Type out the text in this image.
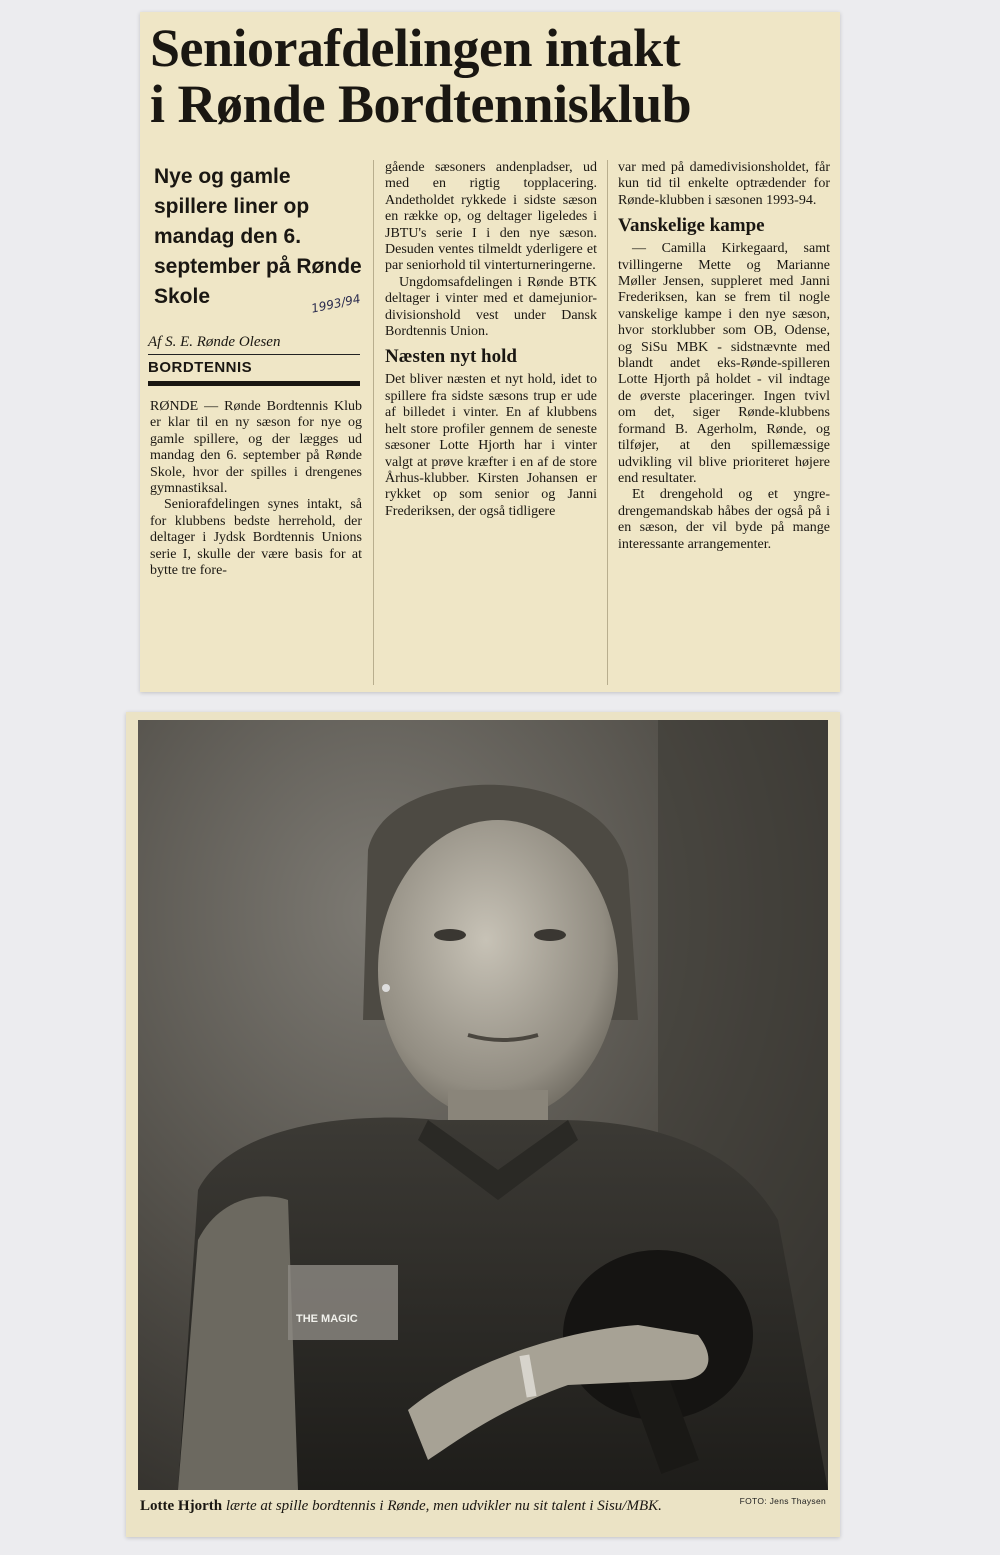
Seniorafdelingen intakt
i Rønde Bordtennisklub

Nye og gamle spillere liner op mandag den 6. september på Rønde Skole	1993/94

Af S. E. Rønde Olesen

BORDTENNIS

RØNDE — Rønde Bordtennis Klub er klar til en ny sæson for nye og gamle spillere, og der lægges ud mandag den 6. september på Rønde Skole, hvor der spilles i drengenes gymnastiksal.

Seniorafdelingen synes intakt, så for klubbens bedste herrehold, der deltager i Jydsk Bordtennis Unions serie I, skulle der være basis for at bytte tre fore-

gående sæsoners andenpladser, ud med en rigtig topplacering. Andetholdet rykkede i sidste sæson en række op, og deltager ligeledes i JBTU's serie I i den nye sæson. Desuden ventes tilmeldt yderligere et par seniorhold til vinterturneringerne.

Ungdomsafdelingen i Rønde BTK deltager i vinter med et damejunior-divisionshold vest under Dansk Bordtennis Union.

Næsten nyt hold

Det bliver næsten et nyt hold, idet to spillere fra sidste sæsons trup er ude af billedet i vinter. En af klubbens helt store profiler gennem de seneste sæsoner Lotte Hjorth har i vinter valgt at prøve kræfter i en af de store Århus-klubber. Kirsten Johansen er rykket op som senior og Janni Frederiksen, der også tidligere

var med på damedivisionsholdet, får kun tid til enkelte optrædender for Rønde-klubben i sæsonen 1993-94.

Vanskelige kampe

— Camilla Kirkegaard, samt tvillingerne Mette og Marianne Møller Jensen, suppleret med Janni Frederiksen, kan se frem til nogle vanskelige kampe i den nye sæson, hvor storklubber som OB, Odense, og SiSu MBK - sidstnævnte med blandt andet eks-Rønde-spilleren Lotte Hjorth på holdet - vil indtage de øverste placeringer. Ingen tvivl om det, siger Rønde-klubbens formand B. Agerholm, Rønde, og tilføjer, at den spillemæssige udvikling vil blive prioriteret højere end resultater.

Et drengehold og et yngre-drengemandskab håbes der også på i en sæson, der vil byde på mange interessante arrangementer.

THE MAGIC
FOTO: Jens Thaysen

Lotte Hjorth lærte at spille bordtennis i Rønde, men udvikler nu sit talent i Sisu/MBK.
